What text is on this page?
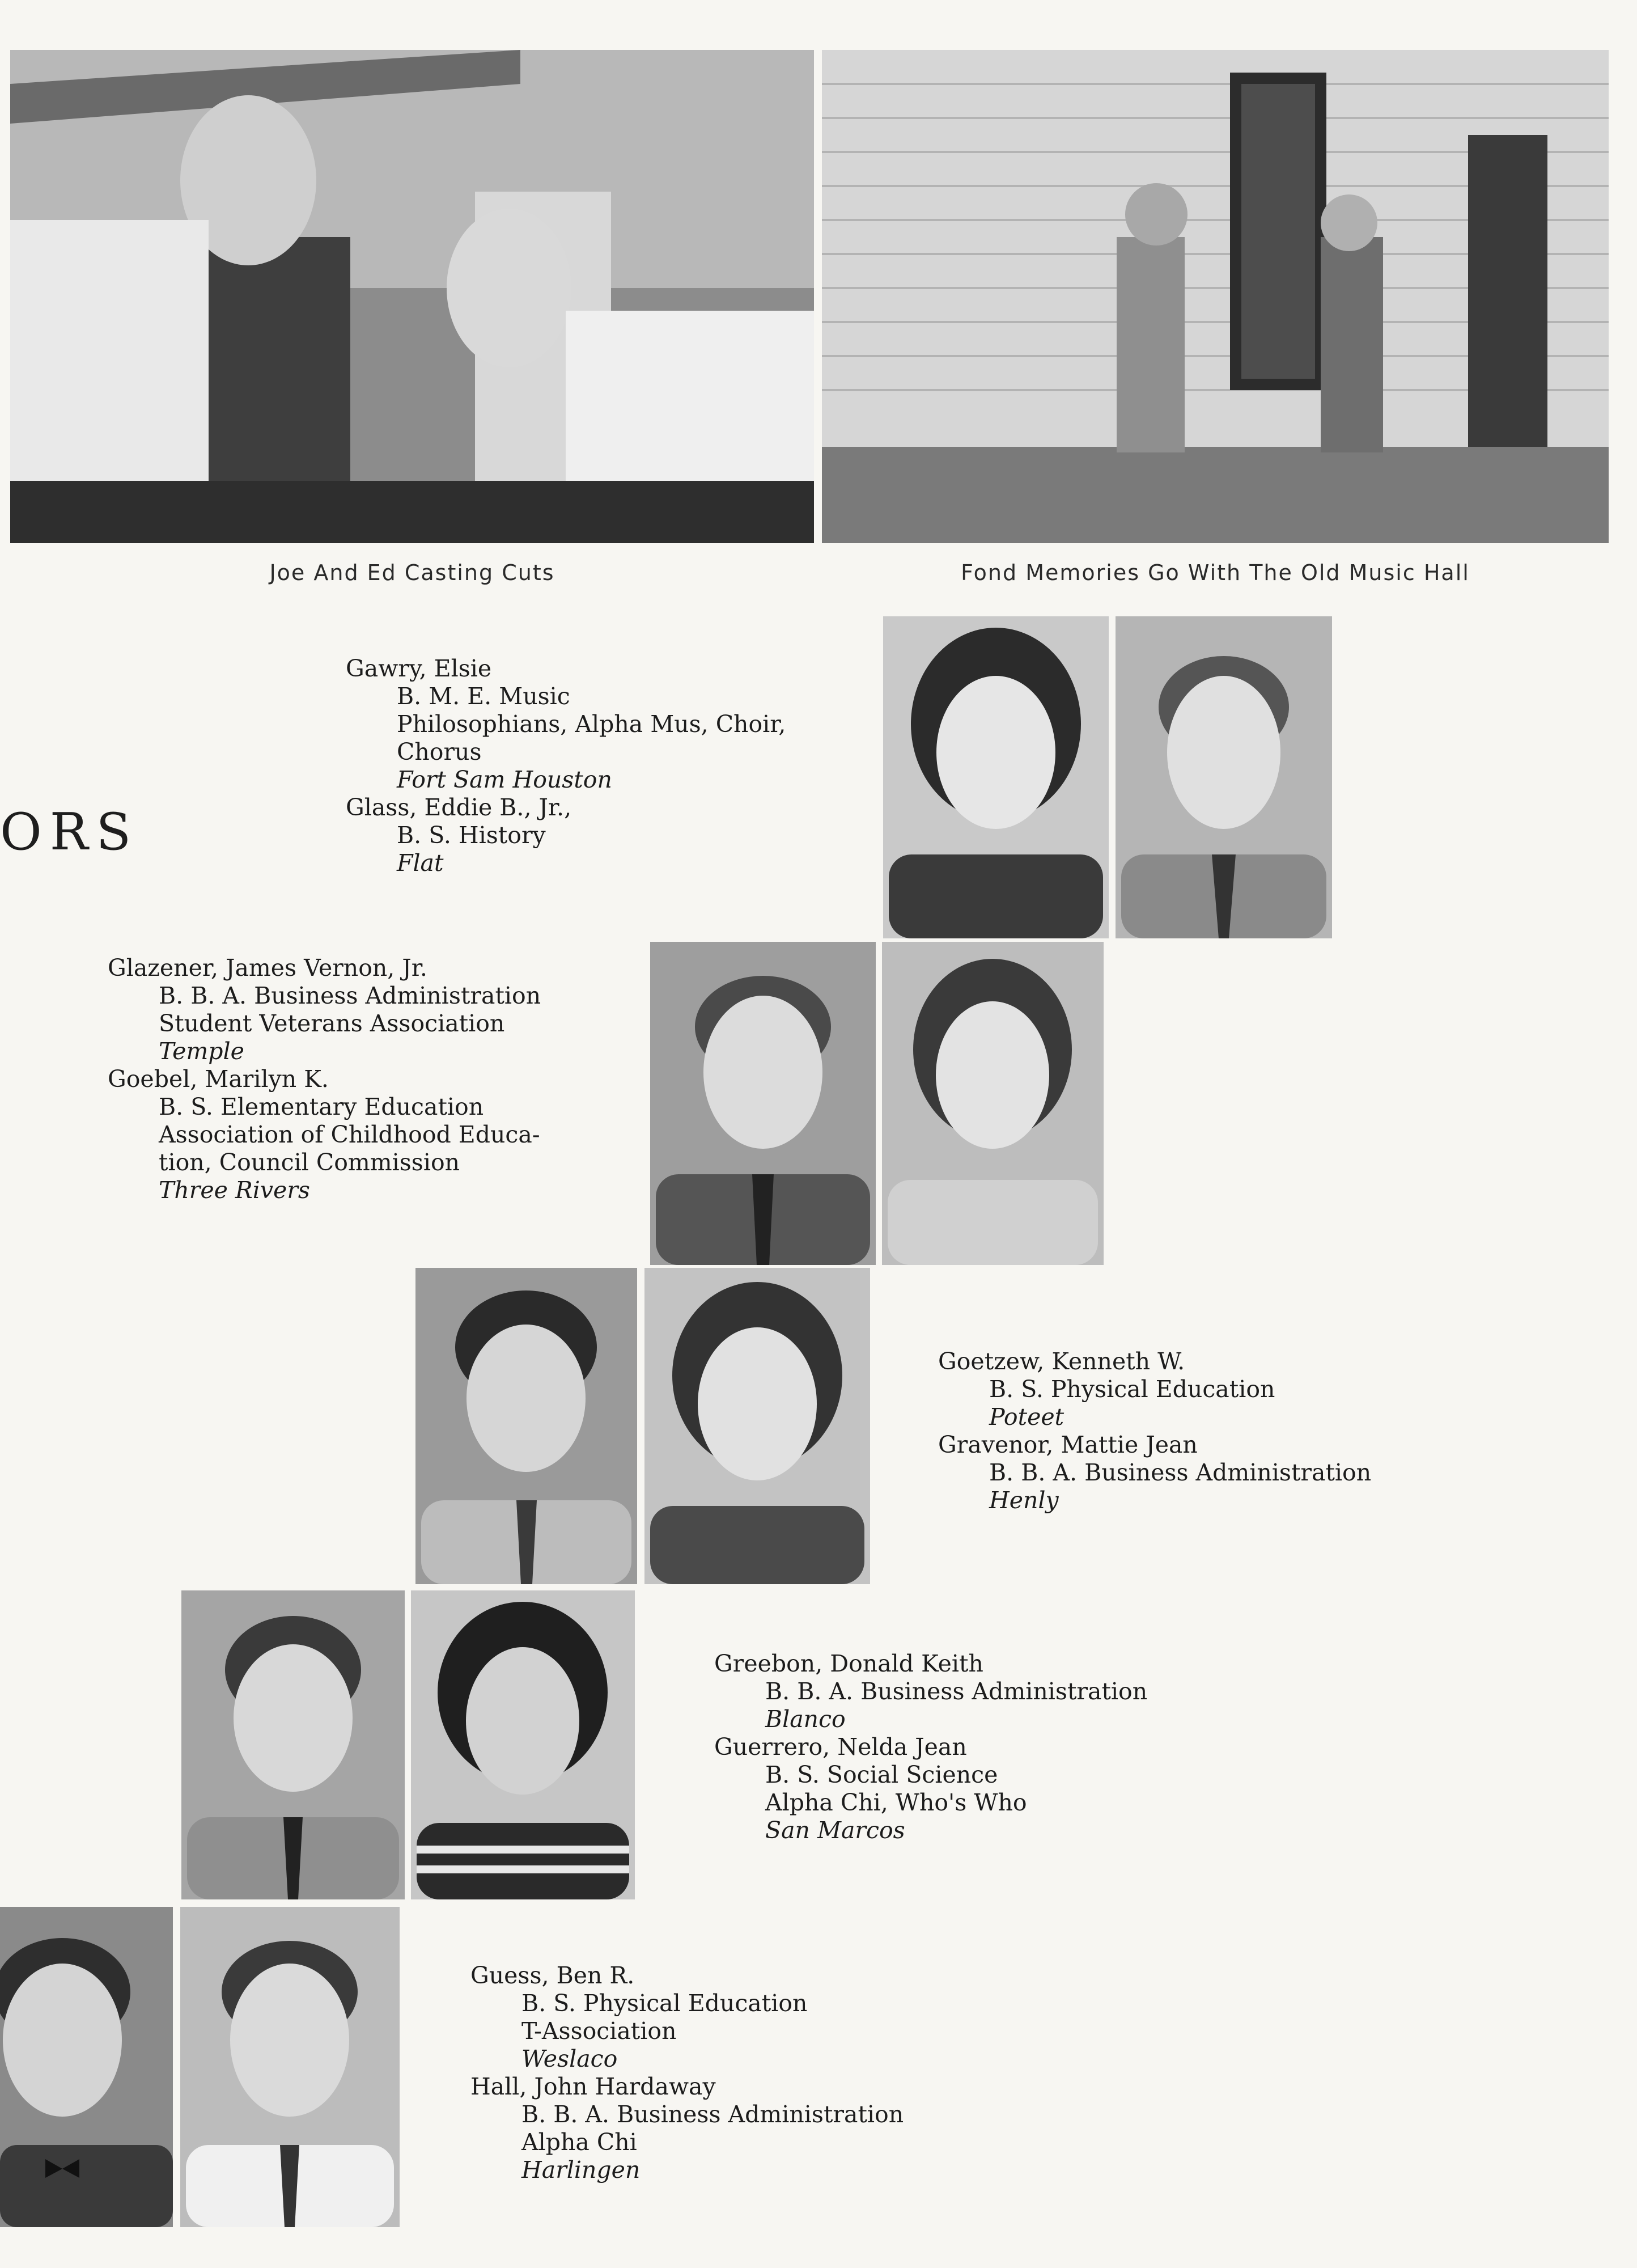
Joe And Ed Casting Cuts	Fond Memories Go With The Old Music Hall
ORS
Gawry, Elsie
B. M. E. Music
Philosophians, Alpha Mus, Choir,
Chorus
Fort Sam Houston
Glass, Eddie B., Jr.,
B. S. History
Flat
Glazener, James Vernon, Jr.
B. B. A. Business Administration
Student Veterans Association
Temple
Goebel, Marilyn K.
B. S. Elementary Education
Association of Childhood Educa-
tion, Council Commission
Three Rivers
Goetzew, Kenneth W.
B. S. Physical Education
Poteet
Gravenor, Mattie Jean
B. B. A. Business Administration
Henly
Greebon, Donald Keith
B. B. A. Business Administration
Blanco
Guerrero, Nelda Jean
B. S. Social Science
Alpha Chi, Who's Who
San Marcos
Guess, Ben R.
B. S. Physical Education
T-Association
Weslaco
Hall, John Hardaway
B. B. A. Business Administration
Alpha Chi
Harlingen
